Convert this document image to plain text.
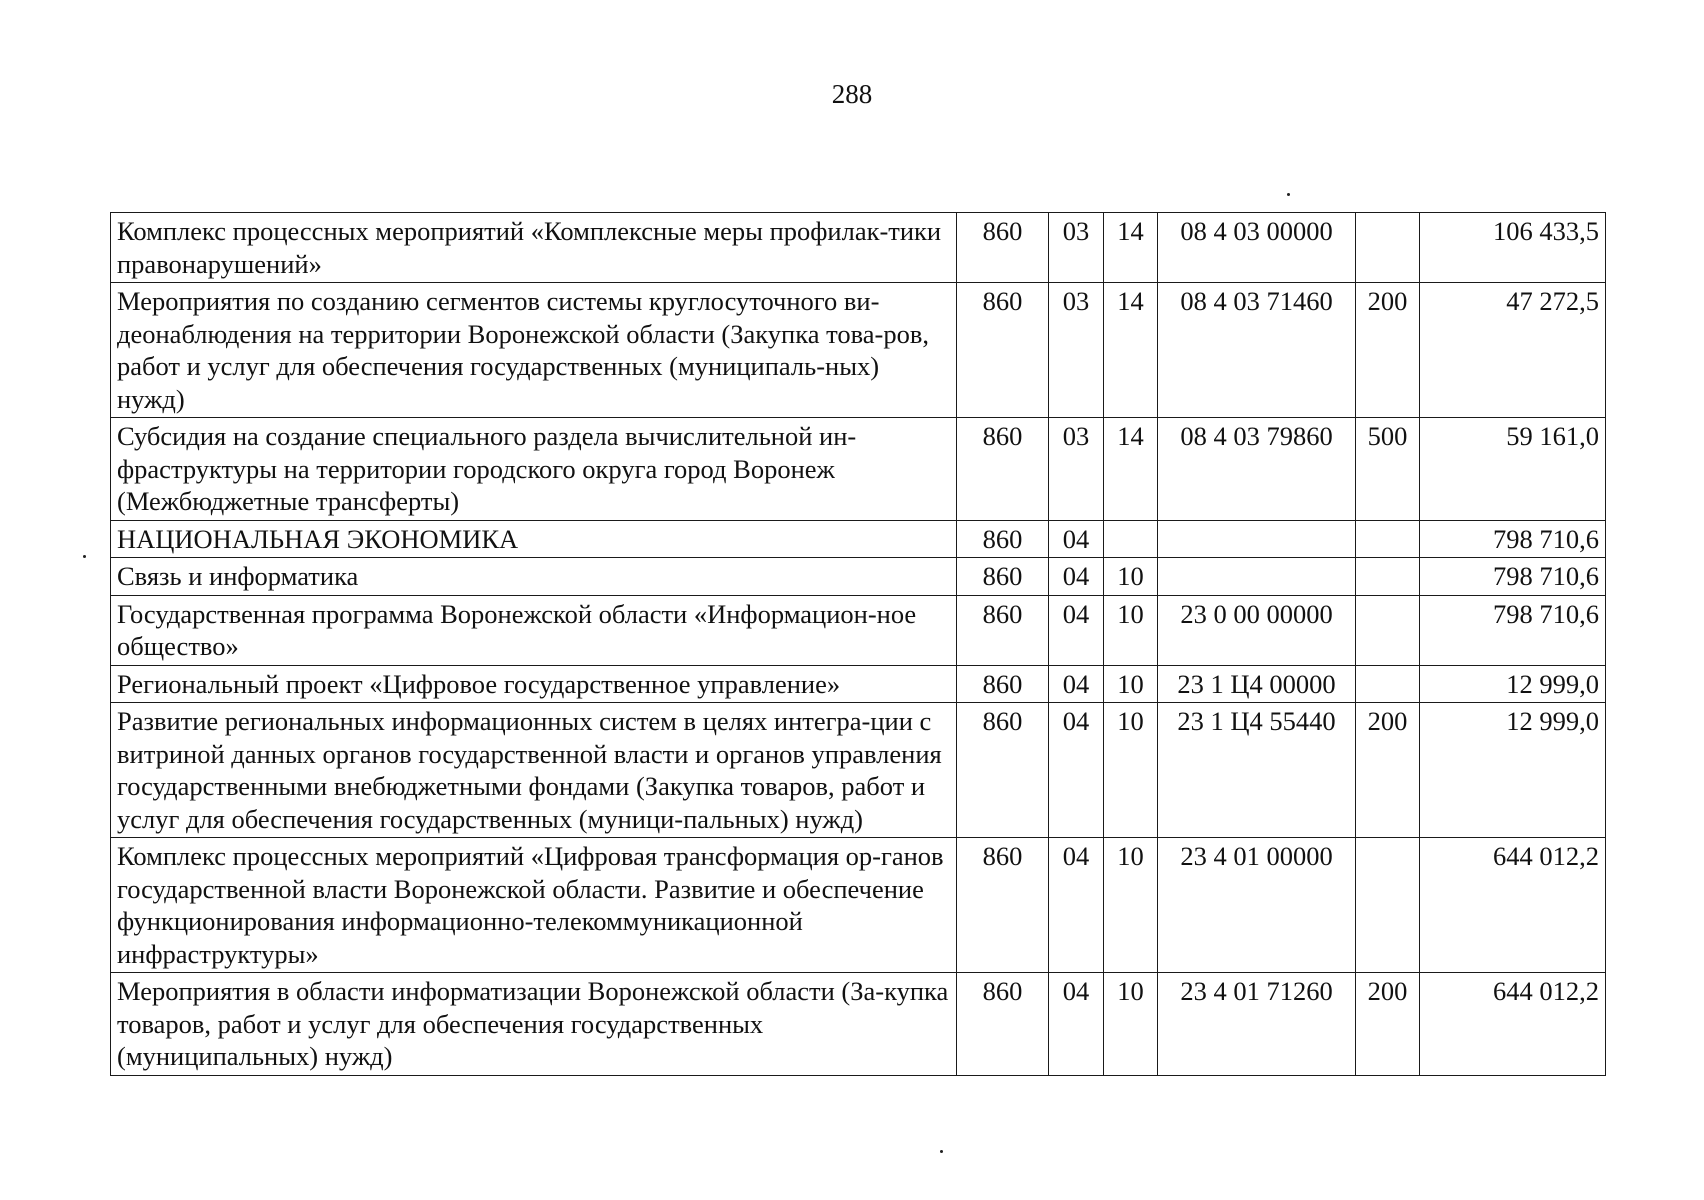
288
Комплекс процессных мероприятий «Комплексные меры профилак-тики правонарушений»	860	03	14	08 4 03 00000		106 433,5
Мероприятия по созданию сегментов системы круглосуточного ви-деонаблюдения на территории Воронежской области (Закупка това-ров, работ и услуг для обеспечения государственных (муниципаль-ных) нужд)	860	03	14	08 4 03 71460	200	47 272,5
Субсидия на создание специального раздела вычислительной ин-фраструктуры на территории городского округа город Воронеж (Межбюджетные трансферты)	860	03	14	08 4 03 79860	500	59 161,0
НАЦИОНАЛЬНАЯ ЭКОНОМИКА	860	04				798 710,6
Связь и информатика	860	04	10			798 710,6
Государственная программа Воронежской области «Информацион-ное общество»	860	04	10	23 0 00 00000		798 710,6
Региональный проект «Цифровое государственное управление»	860	04	10	23 1 Ц4 00000		12 999,0
Развитие региональных информационных систем в целях интегра-ции с витриной данных органов государственной власти и органов управления государственными внебюджетными фондами (Закупка товаров, работ и услуг для обеспечения государственных (муници-пальных) нужд)	860	04	10	23 1 Ц4 55440	200	12 999,0
Комплекс процессных мероприятий «Цифровая трансформация ор-ганов государственной власти Воронежской области. Развитие и обеспечение функционирования информационно-телекоммуникационной инфраструктуры»	860	04	10	23 4 01 00000		644 012,2
Мероприятия в области информатизации Воронежской области (За-купка товаров, работ и услуг для обеспечения государственных (муниципальных) нужд)	860	04	10	23 4 01 71260	200	644 012,2
